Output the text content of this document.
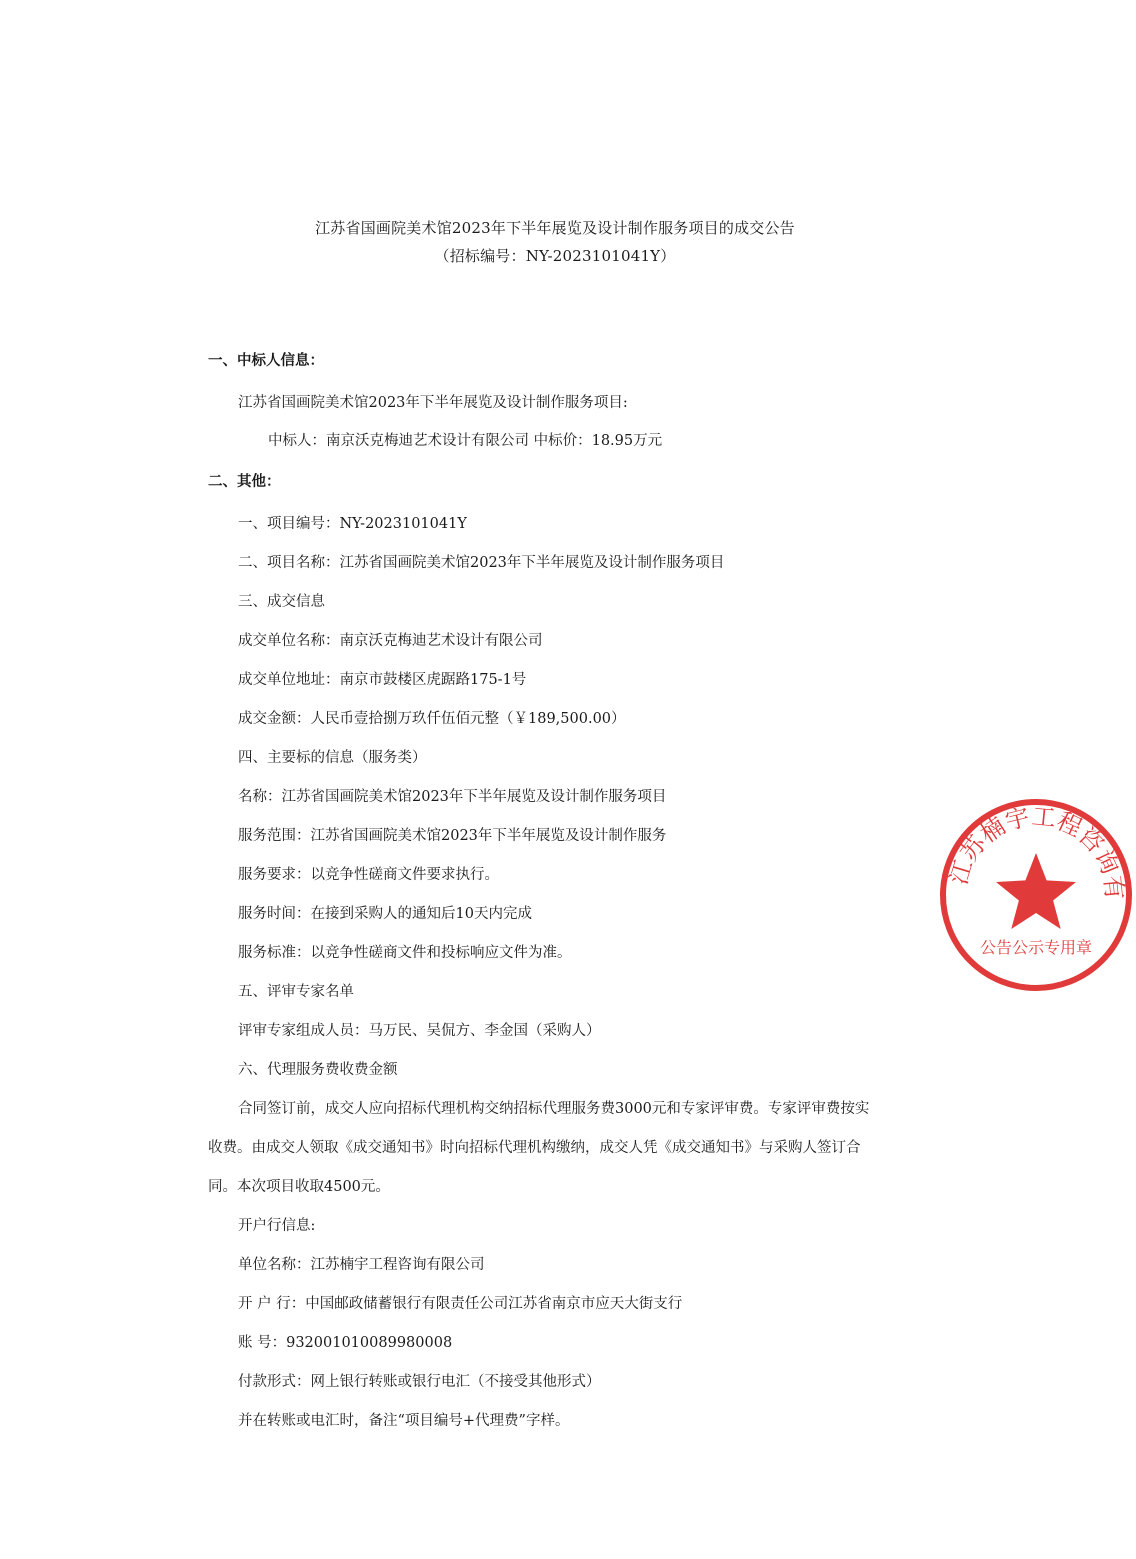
江苏省国画院美术馆2023年下半年展览及设计制作服务项目的成交公告
（招标编号：NY-2023101041Y）
一、中标人信息：
江苏省国画院美术馆2023年下半年展览及设计制作服务项目:
中标人：南京沃克梅迪艺术设计有限公司 中标价：18.95万元
二、其他：
一、项目编号：NY-2023101041Y
二、项目名称：江苏省国画院美术馆2023年下半年展览及设计制作服务项目
三、成交信息
成交单位名称：南京沃克梅迪艺术设计有限公司
成交单位地址：南京市鼓楼区虎踞路175-1号
成交金额：人民币壹拾捌万玖仟伍佰元整（￥189,500.00）
四、主要标的信息（服务类）
名称：江苏省国画院美术馆2023年下半年展览及设计制作服务项目
服务范围：江苏省国画院美术馆2023年下半年展览及设计制作服务
服务要求：以竞争性磋商文件要求执行。
服务时间：在接到采购人的通知后10天内完成
服务标准：以竞争性磋商文件和投标响应文件为准。
五、评审专家名单
评审专家组成人员：马万民、吴侃方、李金国（采购人）
六、代理服务费收费金额
合同签订前，成交人应向招标代理机构交纳招标代理服务费3000元和专家评审费。专家评审费按实
收费。由成交人领取《成交通知书》时向招标代理机构缴纳，成交人凭《成交通知书》与采购人签订合
同。本次项目收取4500元。
开户行信息:
单位名称：江苏楠宇工程咨询有限公司
开 户 行：中国邮政储蓄银行有限责任公司江苏省南京市应天大街支行
账 号：932001010089980008
付款形式：网上银行转账或银行电汇（不接受其他形式）
并在转账或电汇时，备注“项目编号+代理费”字样。
江苏楠宇工程咨询有
公告公示专用章
